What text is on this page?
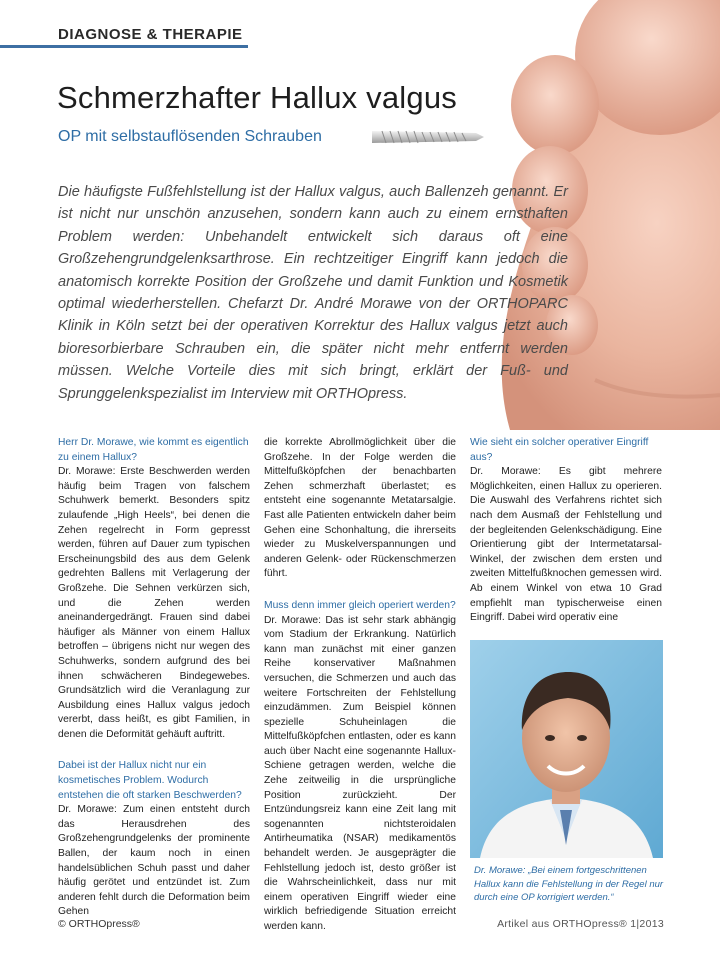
DIAGNOSE & THERAPIE
Schmerzhafter Hallux valgus
OP mit selbstauflösenden Schrauben

Die häufigste Fußfehlstellung ist der Hallux valgus, auch Ballenzeh genannt. Er ist nicht nur unschön anzusehen, sondern kann auch zu einem ernsthaften Problem werden: Unbehandelt entwickelt sich daraus oft eine Großzehengrundgelenksarthrose. Ein rechtzeitiger Eingriff kann jedoch die anatomisch korrekte Position der Großzehe und damit Funktion und Kosmetik optimal wiederherstellen. Chefarzt Dr. André Morawe von der ORTHOPARC Klinik in Köln setzt bei der operativen Korrektur des Hallux valgus jetzt auch bioresorbierbare Schrauben ein, die später nicht mehr entfernt werden müssen. Welche Vorteile dies mit sich bringt, erklärt der Fuß- und Sprunggelenkspezialist im Interview mit ORTHOpress.

Herr Dr. Morawe, wie kommt es eigentlich zu einem Hallux?

Dr. Morawe: Erste Beschwerden werden häufig beim Tragen von falschem Schuhwerk bemerkt. Besonders spitz zulaufende „High Heels“, bei denen die Zehen regelrecht in Form gepresst werden, führen auf Dauer zum typischen Erscheinungsbild des aus dem Gelenk gedrehten Ballens mit Verlagerung der Großzehe. Die Sehnen verkürzen sich, und die Zehen werden aneinandergedrängt. Frauen sind dabei häufiger als Männer von einem Hallux betroffen – übrigens nicht nur wegen des Schuhwerks, sondern aufgrund des bei ihnen schwächeren Bindegewebes. Grundsätzlich wird die Veranlagung zur Ausbildung eines Hallux valgus jedoch vererbt, dass heißt, es gibt Familien, in denen die Deformität gehäuft auftritt.

Dabei ist der Hallux nicht nur ein kosmetisches Problem. Wodurch entstehen die oft starken Beschwerden?

Dr. Morawe: Zum einen entsteht durch das Herausdrehen des Großzehengrundgelenks der prominente Ballen, der kaum noch in einen handelsüblichen Schuh passt und daher häufig gerötet und entzündet ist. Zum anderen fehlt durch die Deformation beim Gehen

die korrekte Abrollmöglichkeit über die Großzehe. In der Folge werden die Mittelfußköpfchen der benachbarten Zehen schmerzhaft überlastet; es entsteht eine sogenannte Metatarsalgie. Fast alle Patienten entwickeln daher beim Gehen eine Schonhaltung, die ihrerseits wieder zu Muskelverspannungen und anderen Gelenk- oder Rückenschmerzen führt.

Muss denn immer gleich operiert werden?

Dr. Morawe: Das ist sehr stark abhängig vom Stadium der Erkrankung. Natürlich kann man zunächst mit einer ganzen Reihe konservativer Maßnahmen versuchen, die Schmerzen und auch das weitere Fortschreiten der Fehlstellung einzudämmen. Zum Beispiel können spezielle Schuheinlagen die Mittelfußköpfchen entlasten, oder es kann auch über Nacht eine sogenannte Hallux-Schiene getragen werden, welche die Zehe zeitweilig in die ursprüngliche Position zurückzieht. Der Entzündungsreiz kann eine Zeit lang mit sogenannten nichtsteroidalen Antirheumatika (NSAR) medikamentös behandelt werden. Je ausgeprägter die Fehlstellung jedoch ist, desto größer ist die Wahrscheinlichkeit, dass nur mit einem operativen Eingriff wieder eine wirklich befriedigende Situation erreicht werden kann.

Wie sieht ein solcher operativer Eingriff aus?

Dr. Morawe: Es gibt mehrere Möglichkeiten, einen Hallux zu operieren. Die Auswahl des Verfahrens richtet sich nach dem Ausmaß der Fehlstellung und der begleitenden Gelenkschädigung. Eine Orientierung gibt der Intermetatarsal-Winkel, der zwischen dem ersten und zweiten Mittelfußknochen gemessen wird. Ab einem Winkel von etwa 10 Grad empfiehlt man typischerweise einen Eingriff. Dabei wird operativ eine

Dr. Morawe: „Bei einem fortgeschrittenen Hallux kann die Fehlstellung in der Regel nur durch eine OP korrigiert werden.“
© ORTHOpress®	Artikel aus ORTHOpress® 1|2013
